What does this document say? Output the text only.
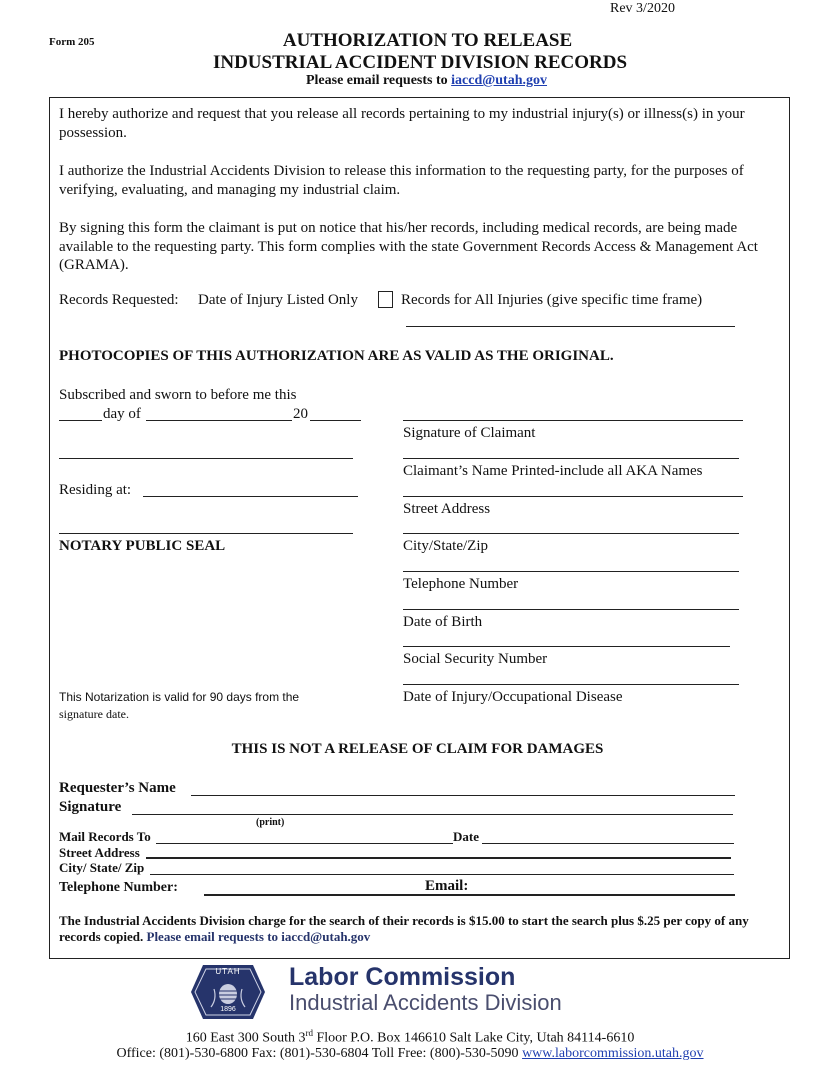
Rev 3/2020
Form 205	AUTHORIZATION TO RELEASE
INDUSTRIAL ACCIDENT DIVISION RECORDS
Please email requests to iaccd@utah.gov
I hereby authorize and request that you release all records pertaining to my industrial injury(s) or illness(s) in your possession.
I authorize the Industrial Accidents Division to release this information to the requesting party, for the purposes of verifying, evaluating, and managing my industrial claim.
By signing this form the claimant is put on notice that his/her records, including medical records, are being made available to the requesting party. This form complies with the state Government Records Access & Management Act (GRAMA).
Records Requested: Date of Injury Listed Only	Records for All Injuries (give specific time frame)
PHOTOCOPIES OF THIS AUTHORIZATION ARE AS VALID AS THE ORIGINAL.
Subscribed and sworn to before me this
day of	20
Residing at:
NOTARY PUBLIC SEAL
This Notarization is valid for 90 days from the
signature date.
Signature of Claimant
Claimant’s Name Printed-include all AKA Names
Street Address
City/State/Zip
Telephone Number
Date of Birth
Social Security Number
Date of Injury/Occupational Disease
THIS IS NOT A RELEASE OF CLAIM FOR DAMAGES
Requester’s Name
Signature
(print)
Mail Records To	Date
Street Address
City/ State/ Zip
Telephone Number:	Email:
The Industrial Accidents Division charge for the search of their records is $15.00 to start the search plus $.25 per copy of any records copied. Please email requests to iaccd@utah.gov
UTAH
1896
Labor Commission
Industrial Accidents Division
160 East 300 South 3rd Floor P.O. Box 146610 Salt Lake City, Utah 84114-6610
Office: (801)-530-6800 Fax: (801)-530-6804 Toll Free: (800)-530-5090 www.laborcommission.utah.gov
